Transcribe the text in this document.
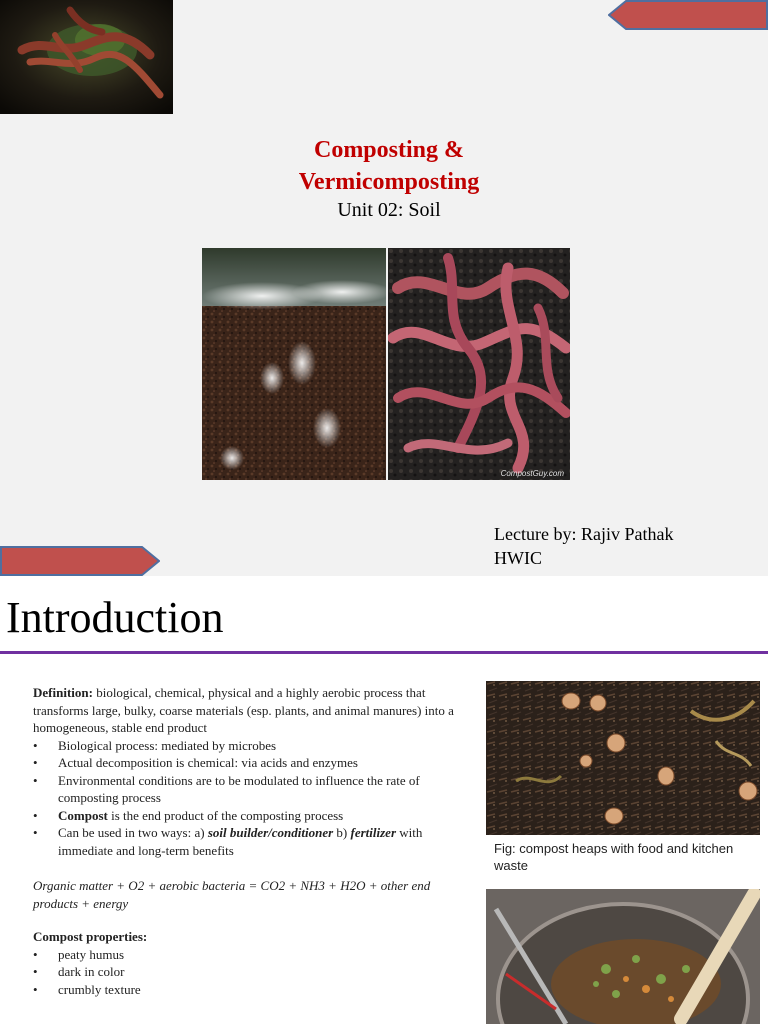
Composting &
Vermicomposting
Unit 02: Soil
CompostGuy.com
Lecture by: Rajiv Pathak
HWIC
Introduction

Definition: biological, chemical, physical and a highly aerobic process that transforms large, bulky, coarse materials (esp. plants, and animal manures) into a homogeneous, stable end product

• Biological process: mediated by microbes

• Actual decomposition is chemical: via acids and enzymes

• Environmental conditions are to be modulated to influence the rate of composting process

• Compost is the end product of the composting process

• Can be used in two ways: a) soil builder/conditioner b) fertilizer with immediate and long-term benefits

Organic matter + O2 + aerobic bacteria = CO2 + NH3 + H2O + other end products + energy

Compost properties:

• peaty humus

• dark in color

• crumbly texture

Fig: compost heaps with food and kitchen waste
